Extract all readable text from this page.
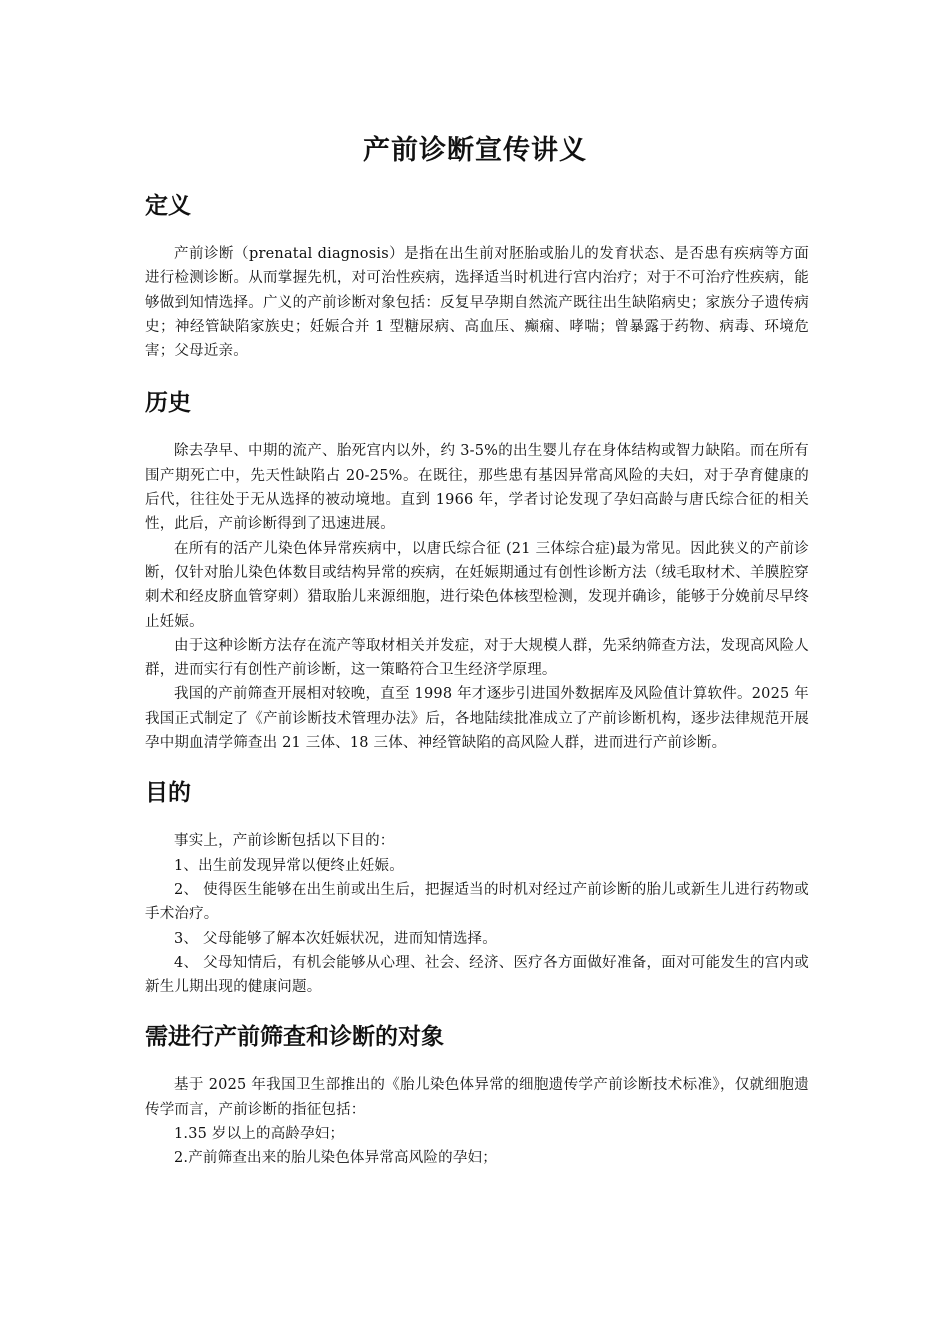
产前诊断宣传讲义
定义

产前诊断（prenatal diagnosis）是指在出生前对胚胎或胎儿的发育状态、是否患有疾病等方面进行检测诊断。从而掌握先机，对可治性疾病，选择适当时机进行宫内治疗；对于不可治疗性疾病，能够做到知情选择。广义的产前诊断对象包括：反复早孕期自然流产既往出生缺陷病史；家族分子遗传病史；神经管缺陷家族史；妊娠合并 1 型糖尿病、高血压、癫痫、哮喘；曾暴露于药物、病毒、环境危害；父母近亲。

历史

除去孕早、中期的流产、胎死宫内以外，约 3-5%的出生婴儿存在身体结构或智力缺陷。而在所有围产期死亡中，先天性缺陷占 20-25%。在既往，那些患有基因异常高风险的夫妇，对于孕育健康的后代，往往处于无从选择的被动境地。直到 1966 年，学者讨论发现了孕妇高龄与唐氏综合征的相关性，此后，产前诊断得到了迅速进展。

在所有的活产儿染色体异常疾病中，以唐氏综合征 (21 三体综合症)最为常见。因此狭义的产前诊断，仅针对胎儿染色体数目或结构异常的疾病，在妊娠期通过有创性诊断方法（绒毛取材术、羊膜腔穿刺术和经皮脐血管穿刺）猎取胎儿来源细胞，进行染色体核型检测，发现并确诊，能够于分娩前尽早终止妊娠。

由于这种诊断方法存在流产等取材相关并发症，对于大规模人群，先采纳筛查方法，发现高风险人群，进而实行有创性产前诊断，这一策略符合卫生经济学原理。

我国的产前筛查开展相对较晚，直至 1998 年才逐步引进国外数据库及风险值计算软件。2025 年我国正式制定了《产前诊断技术管理办法》后，各地陆续批准成立了产前诊断机构，逐步法律规范开展孕中期血清学筛查出 21 三体、18 三体、神经管缺陷的高风险人群，进而进行产前诊断。

目的

事实上，产前诊断包括以下目的：

1、出生前发现异常以便终止妊娠。

2、 使得医生能够在出生前或出生后，把握适当的时机对经过产前诊断的胎儿或新生儿进行药物或手术治疗。

3、 父母能够了解本次妊娠状况，进而知情选择。

4、 父母知情后，有机会能够从心理、社会、经济、医疗各方面做好准备，面对可能发生的宫内或新生儿期出现的健康问题。

需进行产前筛查和诊断的对象

基于 2025 年我国卫生部推出的《胎儿染色体异常的细胞遗传学产前诊断技术标准》，仅就细胞遗传学而言，产前诊断的指征包括：

1.35 岁以上的高龄孕妇；

2.产前筛查出来的胎儿染色体异常高风险的孕妇；
